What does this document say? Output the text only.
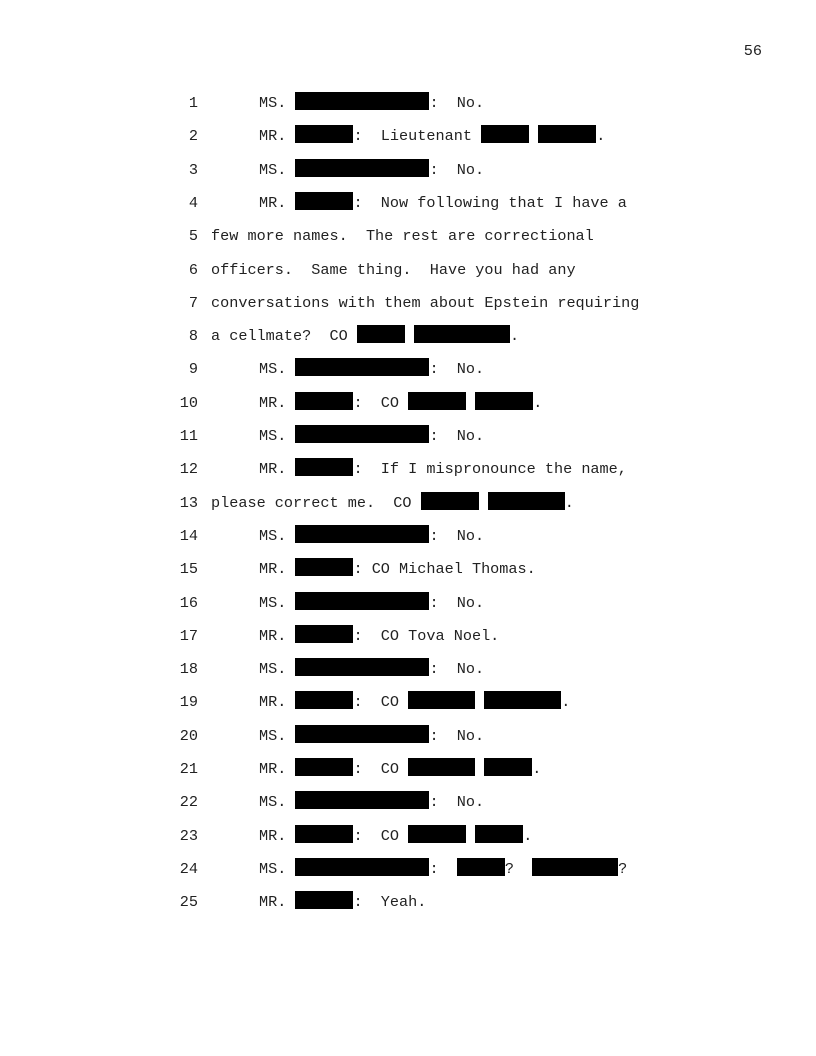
56
1	MS.	:  No.
2	MR.	:  Lieutenant	.
3	MS.	:  No.
4	MR.	:  Now following that I have a
5 few more names.  The rest are correctional
6 officers.  Same thing.  Have you had any
7 conversations with them about Epstein requiring
8 a cellmate?  CO	.
9	MS.	:  No.
10	MR.	:  CO	.
11	MS.	:  No.
12	MR.	:  If I mispronounce the name,
13 please correct me.  CO	.
14	MS.	:  No.
15	MR.	: CO Michael Thomas.
16	MS.	:  No.
17	MR.	:  CO Tova Noel.
18	MS.	:  No.
19	MR.	:  CO	.
20	MS.	:  No.
21	MR.	:  CO	.
22	MS.	:  No.
23	MR.	:  CO	.
24	MS.	:	?	?
25	MR.	:  Yeah.
